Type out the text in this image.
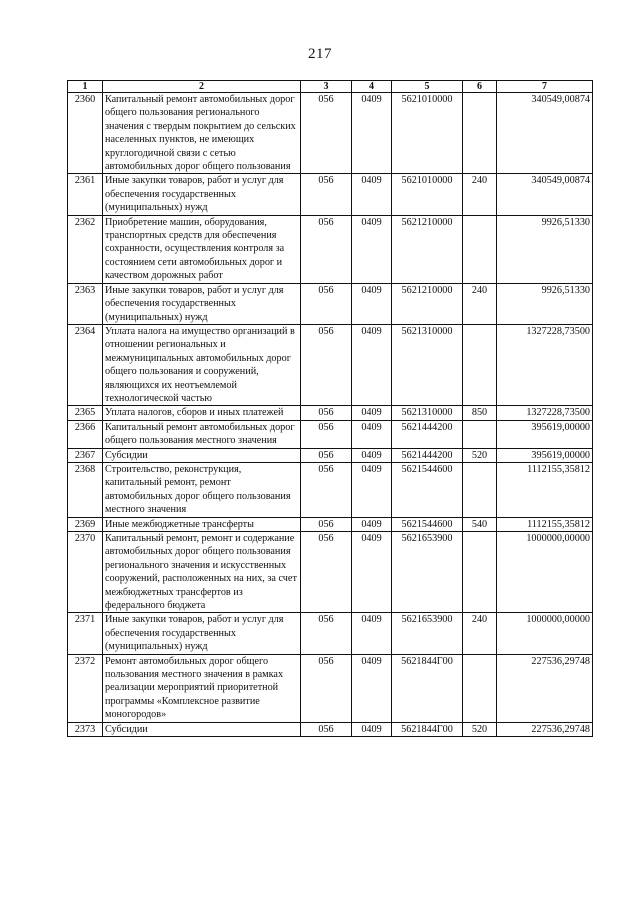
217
1	2	3	4	5	6	7
2360	Капитальный ремонт автомобильных дорог общего пользования регионального значения с твердым покрытием до сельских населенных пунктов, не имеющих круглогодичной связи с сетью автомобильных дорог общего пользования	056	0409	5621010000		340549,00874
2361	Иные закупки товаров, работ и услуг для обеспечения государственных (муниципальных) нужд	056	0409	5621010000	240	340549,00874
2362	Приобретение машин, оборудования, транспортных средств для обеспечения сохранности, осуществления контроля за состоянием сети автомобильных дорог и качеством дорожных работ	056	0409	5621210000		9926,51330
2363	Иные закупки товаров, работ и услуг для обеспечения государственных (муниципальных) нужд	056	0409	5621210000	240	9926,51330
2364	Уплата налога на имущество организаций в отношении региональных и межмуниципальных автомобильных дорог общего пользования и сооружений, являющихся их неотъемлемой технологической частью	056	0409	5621310000		1327228,73500
2365	Уплата налогов, сборов и иных платежей	056	0409	5621310000	850	1327228,73500
2366	Капитальный ремонт автомобильных дорог общего пользования местного значения	056	0409	5621444200		395619,00000
2367	Субсидии	056	0409	5621444200	520	395619,00000
2368	Строительство, реконструкция, капитальный ремонт, ремонт автомобильных дорог общего пользования местного значения	056	0409	5621544600		1112155,35812
2369	Иные межбюджетные трансферты	056	0409	5621544600	540	1112155,35812
2370	Капитальный ремонт, ремонт и содержание автомобильных дорог общего пользования регионального значения и искусственных сооружений, расположенных на них, за счет межбюджетных трансфертов из федерального бюджета	056	0409	5621653900		1000000,00000
2371	Иные закупки товаров, работ и услуг для обеспечения государственных (муниципальных) нужд	056	0409	5621653900	240	1000000,00000
2372	Ремонт автомобильных дорог общего пользования местного значения в рамках реализации мероприятий приоритетной программы «Комплексное развитие моногородов»	056	0409	5621844Г00		227536,29748
2373	Субсидии	056	0409	5621844Г00	520	227536,29748
